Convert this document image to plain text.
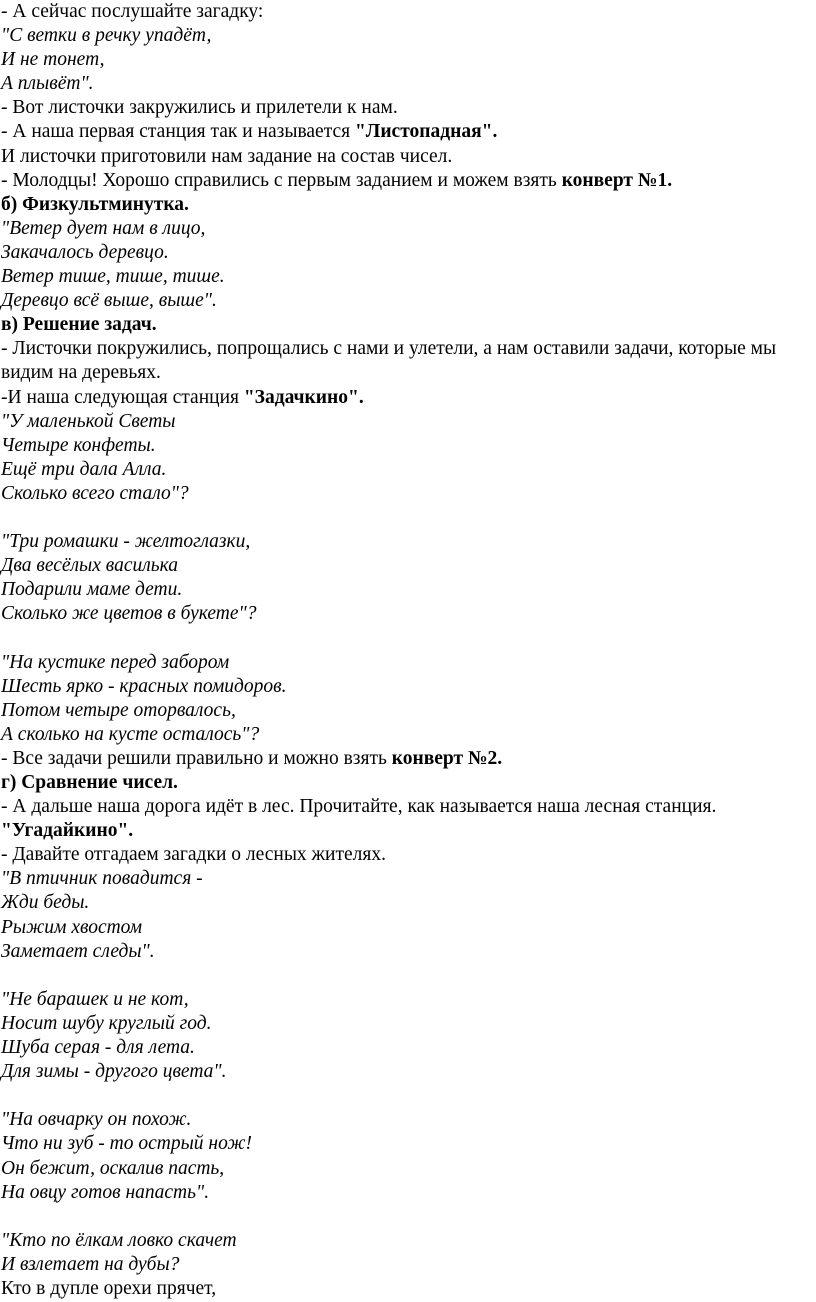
- А сейчас послушайте загадку:

"С ветки в речку упадёт,

И не тонет,

А плывёт".

- Вот листочки закружились и прилетели к нам.

- А наша первая станция так и называется "Листопадная".

И листочки приготовили нам задание на состав чисел.

- Молодцы! Хорошо справились с первым заданием и можем взять конверт №1.

б) Физкультминутка.

"Ветер дует нам в лицо,

Закачалось деревцо.

Ветер тише, тише, тише.

Деревцо всё выше, выше".

в) Решение задач.

- Листочки покружились, попрощались с нами и улетели, а нам оставили задачи, которые мы видим на деревьях.

-И наша следующая станция "Задачкино".

"У маленькой Светы

Четыре конфеты.

Ещё три дала Алла.

Сколько всего стало"?

"Три ромашки - желтоглазки,

Два весёлых василька

Подарили маме дети.

Сколько же цветов в букете"?

"На кустике перед забором

Шесть ярко - красных помидоров.

Потом четыре оторвалось,

А сколько на кусте осталось"?

- Все задачи решили правильно и можно взять конверт №2.

г) Сравнение чисел.

- А дальше наша дорога идёт в лес. Прочитайте, как называется наша лесная станция.

"Угадайкино".

- Давайте отгадаем загадки о лесных жителях.

"В птичник повадится -

Жди беды.

Рыжим хвостом

Заметает следы".

"Не барашек и не кот,

Носит шубу круглый год.

Шуба серая - для лета.

Для зимы - другого цвета".

"На овчарку он похож.

Что ни зуб - то острый нож!

Он бежит, оскалив пасть,

На овцу готов напасть".

"Кто по ёлкам ловко скачет

И взлетает на дубы?

Кто в дупле орехи прячет,
